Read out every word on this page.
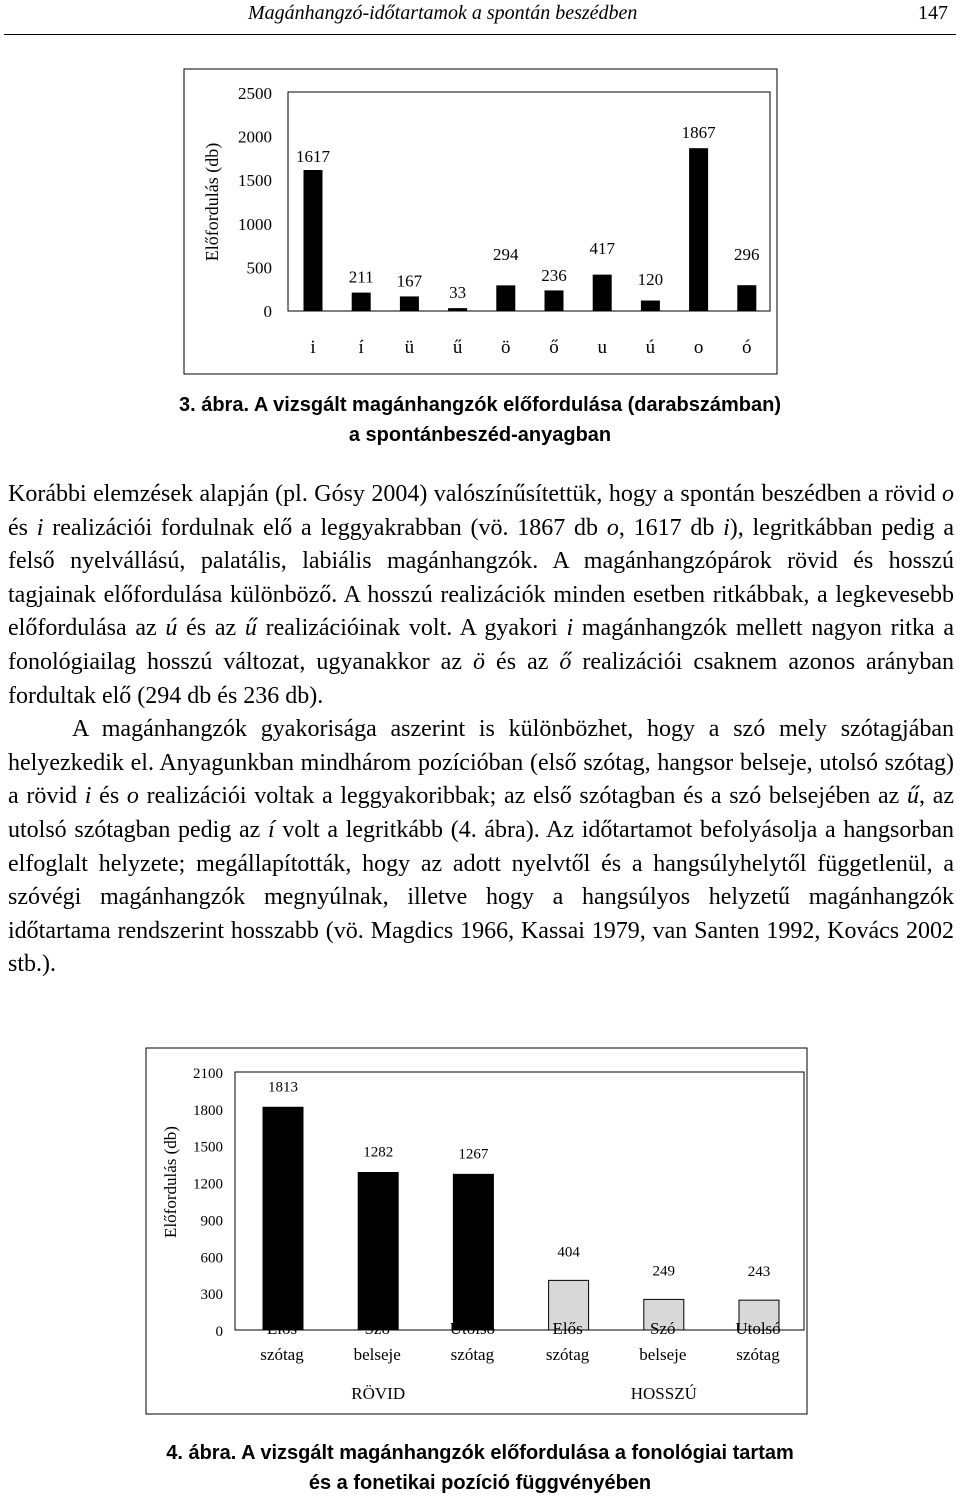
Magánhangzó-időtartamok a spontán beszédben	147
Előfordulás (db)
0
500
1000
1500
2000
2500
1617
211 167
33
294
236
417
120
1867
296
i í ü ű ö ő u ú o ó
3. ábra. A vizsgált magánhangzók előfordulása (darabszámban)
a spontánbeszéd-anyagban

Korábbi elemzések alapján (pl. Gósy 2004) valószínűsítettük, hogy a spontán beszédben a rövid o és i realizációi fordulnak elő a leggyakrabban (vö. 1867 db o, 1617 db i), legritkábban pedig a felső nyelvállású, palatális, labiális magánhangzók. A magánhangzópárok rövid és hosszú tagjainak előfordulása különböző. A hosszú realizációk minden esetben ritkábbak, a legkevesebb előfordulása az ú és az ű realizációinak volt. A gyakori i magánhangzók mellett nagyon ritka a fonológiailag hosszú változat, ugyanakkor az ö és az ő realizációi csaknem azonos arányban fordultak elő (294 db és 236 db).

A magánhangzók gyakorisága aszerint is különbözhet, hogy a szó mely szótagjában helyezkedik el. Anyagunkban mindhárom pozícióban (első szótag, hangsor belseje, utolsó szótag) a rövid i és o realizációi voltak a leggyakoribbak; az első szótagban és a szó belsejében az ű, az utolsó szótagban pedig az í volt a legritkább (4. ábra). Az időtartamot befolyásolja a hangsorban elfoglalt helyzete; megállapították, hogy az adott nyelvtől és a hangsúlyhelytől függetlenül, a szóvégi magánhangzók megnyúlnak, illetve hogy a hangsúlyos helyzetű magánhangzók időtartama rendszerint hosszabb (vö. Magdics 1966, Kassai 1979, van Santen 1992, Kovács 2002 stb.).

Előfordulás (db)
0
300
600
900
1200
1500
1800
2100
1813
1282	1267
404
249	243
Elős
szótag
Szó
belseje
Utolsó
szótag
Elős
szótag
Szó
belseje
Utolsó
szótag
RÖVID	HOSSZÚ
4. ábra. A vizsgált magánhangzók előfordulása a fonológiai tartam
és a fonetikai pozíció függvényében
